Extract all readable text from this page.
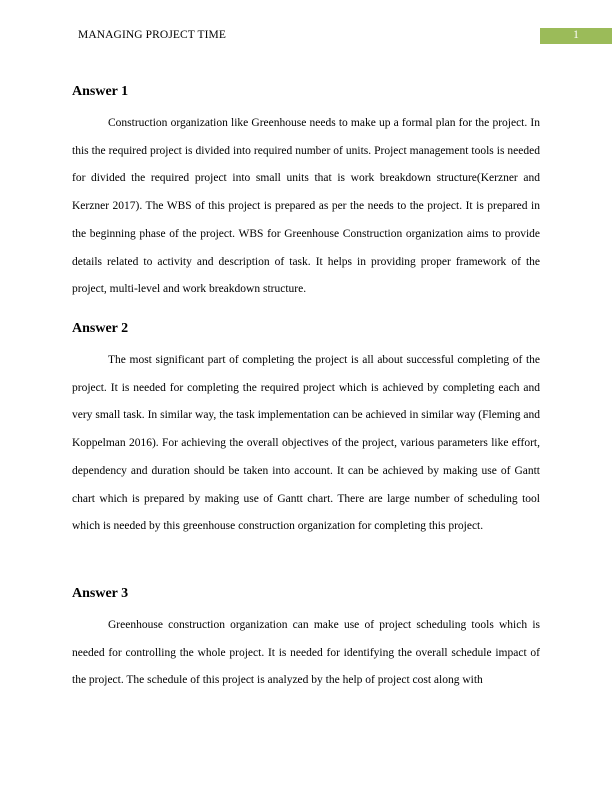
MANAGING PROJECT TIME	1
Answer 1

Construction organization like Greenhouse needs to make up a formal plan for the project. In this the required project is divided into required number of units. Project management tools is needed for divided the required project into small units that is work breakdown structure(Kerzner and Kerzner 2017). The WBS of this project is prepared as per the needs to the project. It is prepared in the beginning phase of the project. WBS for Greenhouse Construction organization aims to provide details related to activity and description of task. It helps in providing proper framework of the project, multi-level and work breakdown structure.

Answer 2

The most significant part of completing the project is all about successful completing of the project. It is needed for completing the required project which is achieved by completing each and very small task. In similar way, the task implementation can be achieved in similar way (Fleming and Koppelman 2016). For achieving the overall objectives of the project, various parameters like effort, dependency and duration should be taken into account. It can be achieved by making use of Gantt chart which is prepared by making use of Gantt chart. There are large number of scheduling tool which is needed by this greenhouse construction organization for completing this project.

Answer 3

Greenhouse construction organization can make use of project scheduling tools which is needed for controlling the whole project. It is needed for identifying the overall schedule impact of the project. The schedule of this project is analyzed by the help of project cost along with
